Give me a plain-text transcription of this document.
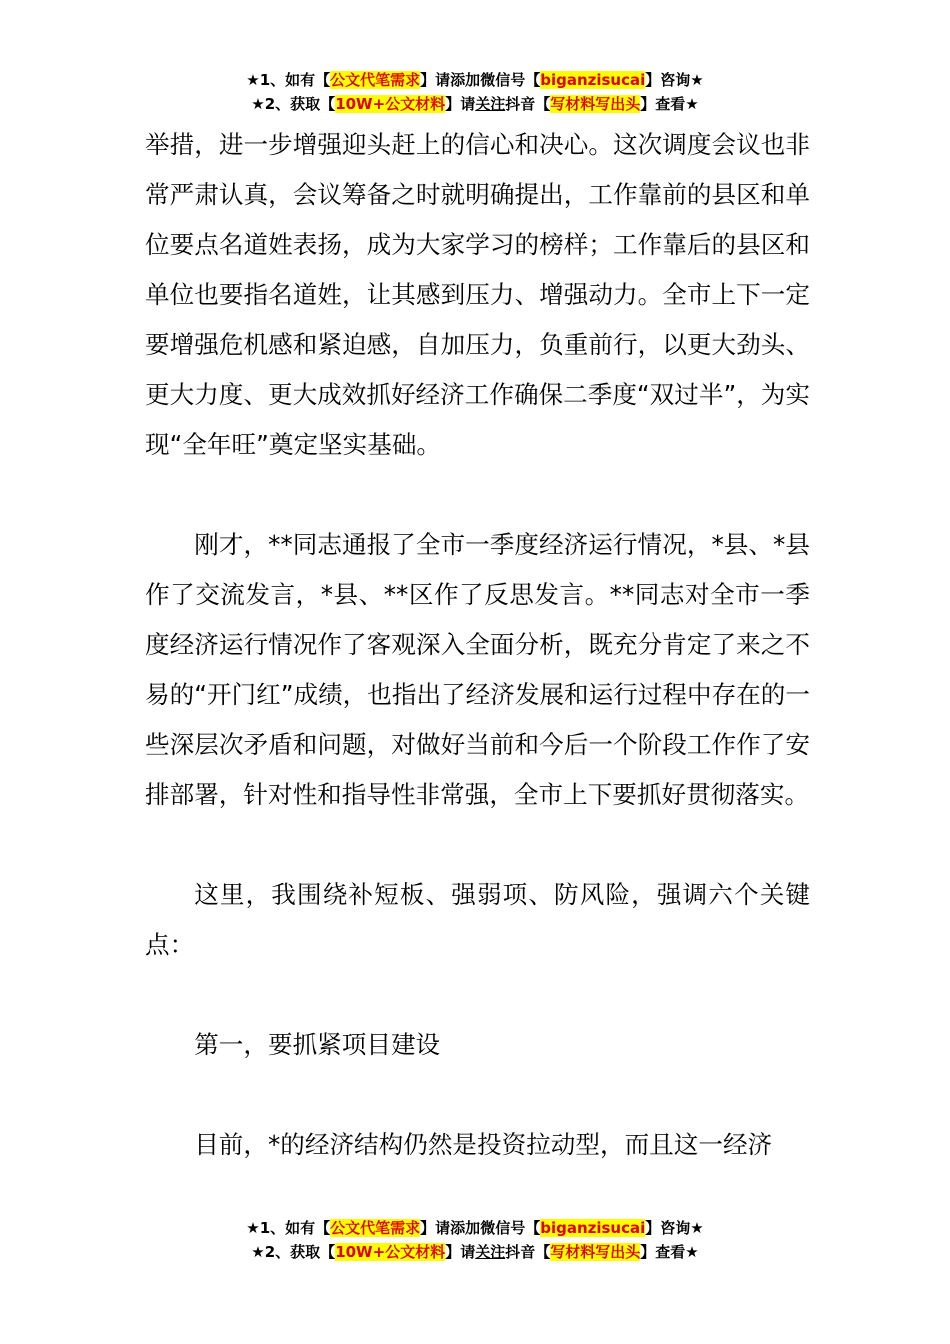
★1、如有【公文代笔需求】请添加微信号【biganzisucai】咨询★
★2、获取【10W+公文材料】请关注抖音【写材料写出头】查看★

举措，进一步增强迎头赶上的信心和决心。这次调度会议也非常严肃认真，会议筹备之时就明确提出，工作靠前的县区和单位要点名道姓表扬，成为大家学习的榜样；工作靠后的县区和单位也要指名道姓，让其感到压力、增强动力。全市上下一定要增强危机感和紧迫感，自加压力，负重前行，以更大劲头、更大力度、更大成效抓好经济工作确保二季度“双过半”，为实现“全年旺”奠定坚实基础。

刚才，**同志通报了全市一季度经济运行情况，*县、*县作了交流发言，*县、**区作了反思发言。**同志对全市一季度经济运行情况作了客观深入全面分析，既充分肯定了来之不易的“开门红”成绩，也指出了经济发展和运行过程中存在的一些深层次矛盾和问题，对做好当前和今后一个阶段工作作了安排部署，针对性和指导性非常强，全市上下要抓好贯彻落实。

这里，我围绕补短板、强弱项、防风险，强调六个关键点：

第一，要抓紧项目建设

目前，*的经济结构仍然是投资拉动型，而且这一经济

★1、如有【公文代笔需求】请添加微信号【biganzisucai】咨询★
★2、获取【10W+公文材料】请关注抖音【写材料写出头】查看★
